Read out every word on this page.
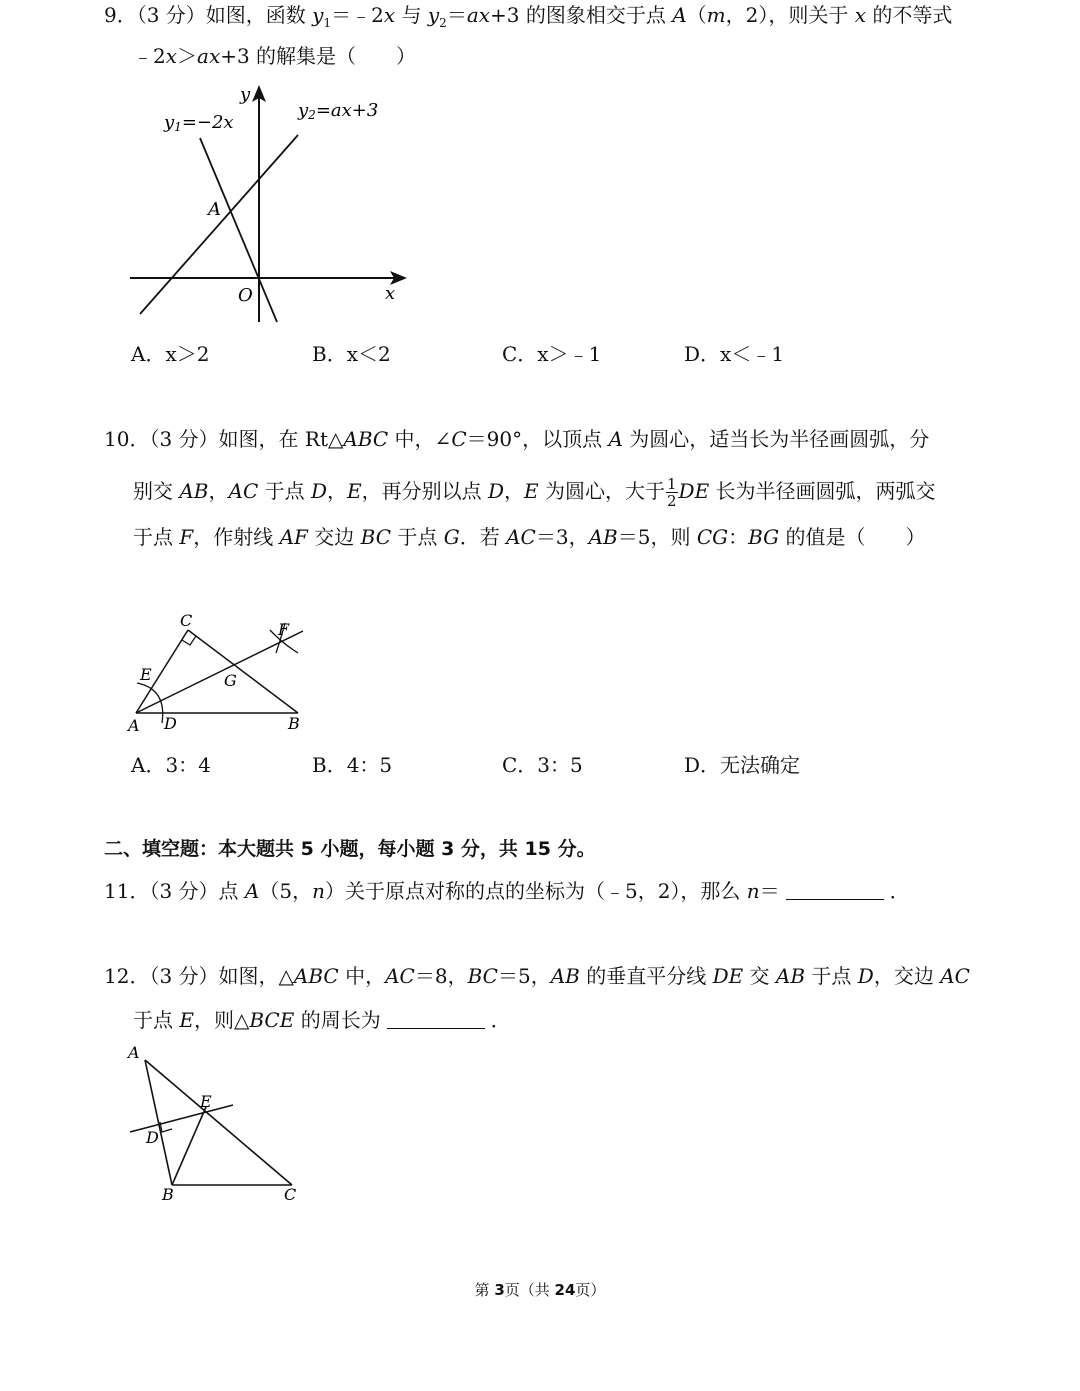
9．（3 分）如图，函数 $y_1=﹣2x$ 与 $y_2=ax+3$ 的图象相交于点 A（m，2），则关于 x 的不等式
﹣2x＞ax+3 的解集是（　　）
y
x
O
A
y1=−2x
y2=ax+3
A．x＞2	B．x＜2	C．x＞﹣1	D．x＜﹣1
10．（3 分）如图，在 Rt△ABC 中，∠C＝90°，以顶点 A 为圆心，适当长为半径画圆弧，分
别交 AB，AC 于点 D，E，再分别以点 D，E 为圆心，大于 $\frac{1}{2}$ DE 长为半径画圆弧，两弧交
于点 F，作射线 AF 交边 BC 于点 G．若 AC＝3，AB＝5，则 CG：BG 的值是（　　）
C	F
E	G
A D	B
A．3：4	B．4：5	C．3：5	D．无法确定
二、填空题：本大题共 5 小题，每小题 3 分，共 15 分。
11．（3 分）点 A（5，n）关于原点对称的点的坐标为（﹣5，2），那么 n＝	．
12．（3 分）如图，△ABC 中，AC＝8，BC＝5，AB 的垂直平分线 DE 交 AB 于点 D，交边 AC
于点 E，则△BCE 的周长为	．
A
E
D
B	C
第 3页（共 24页）
